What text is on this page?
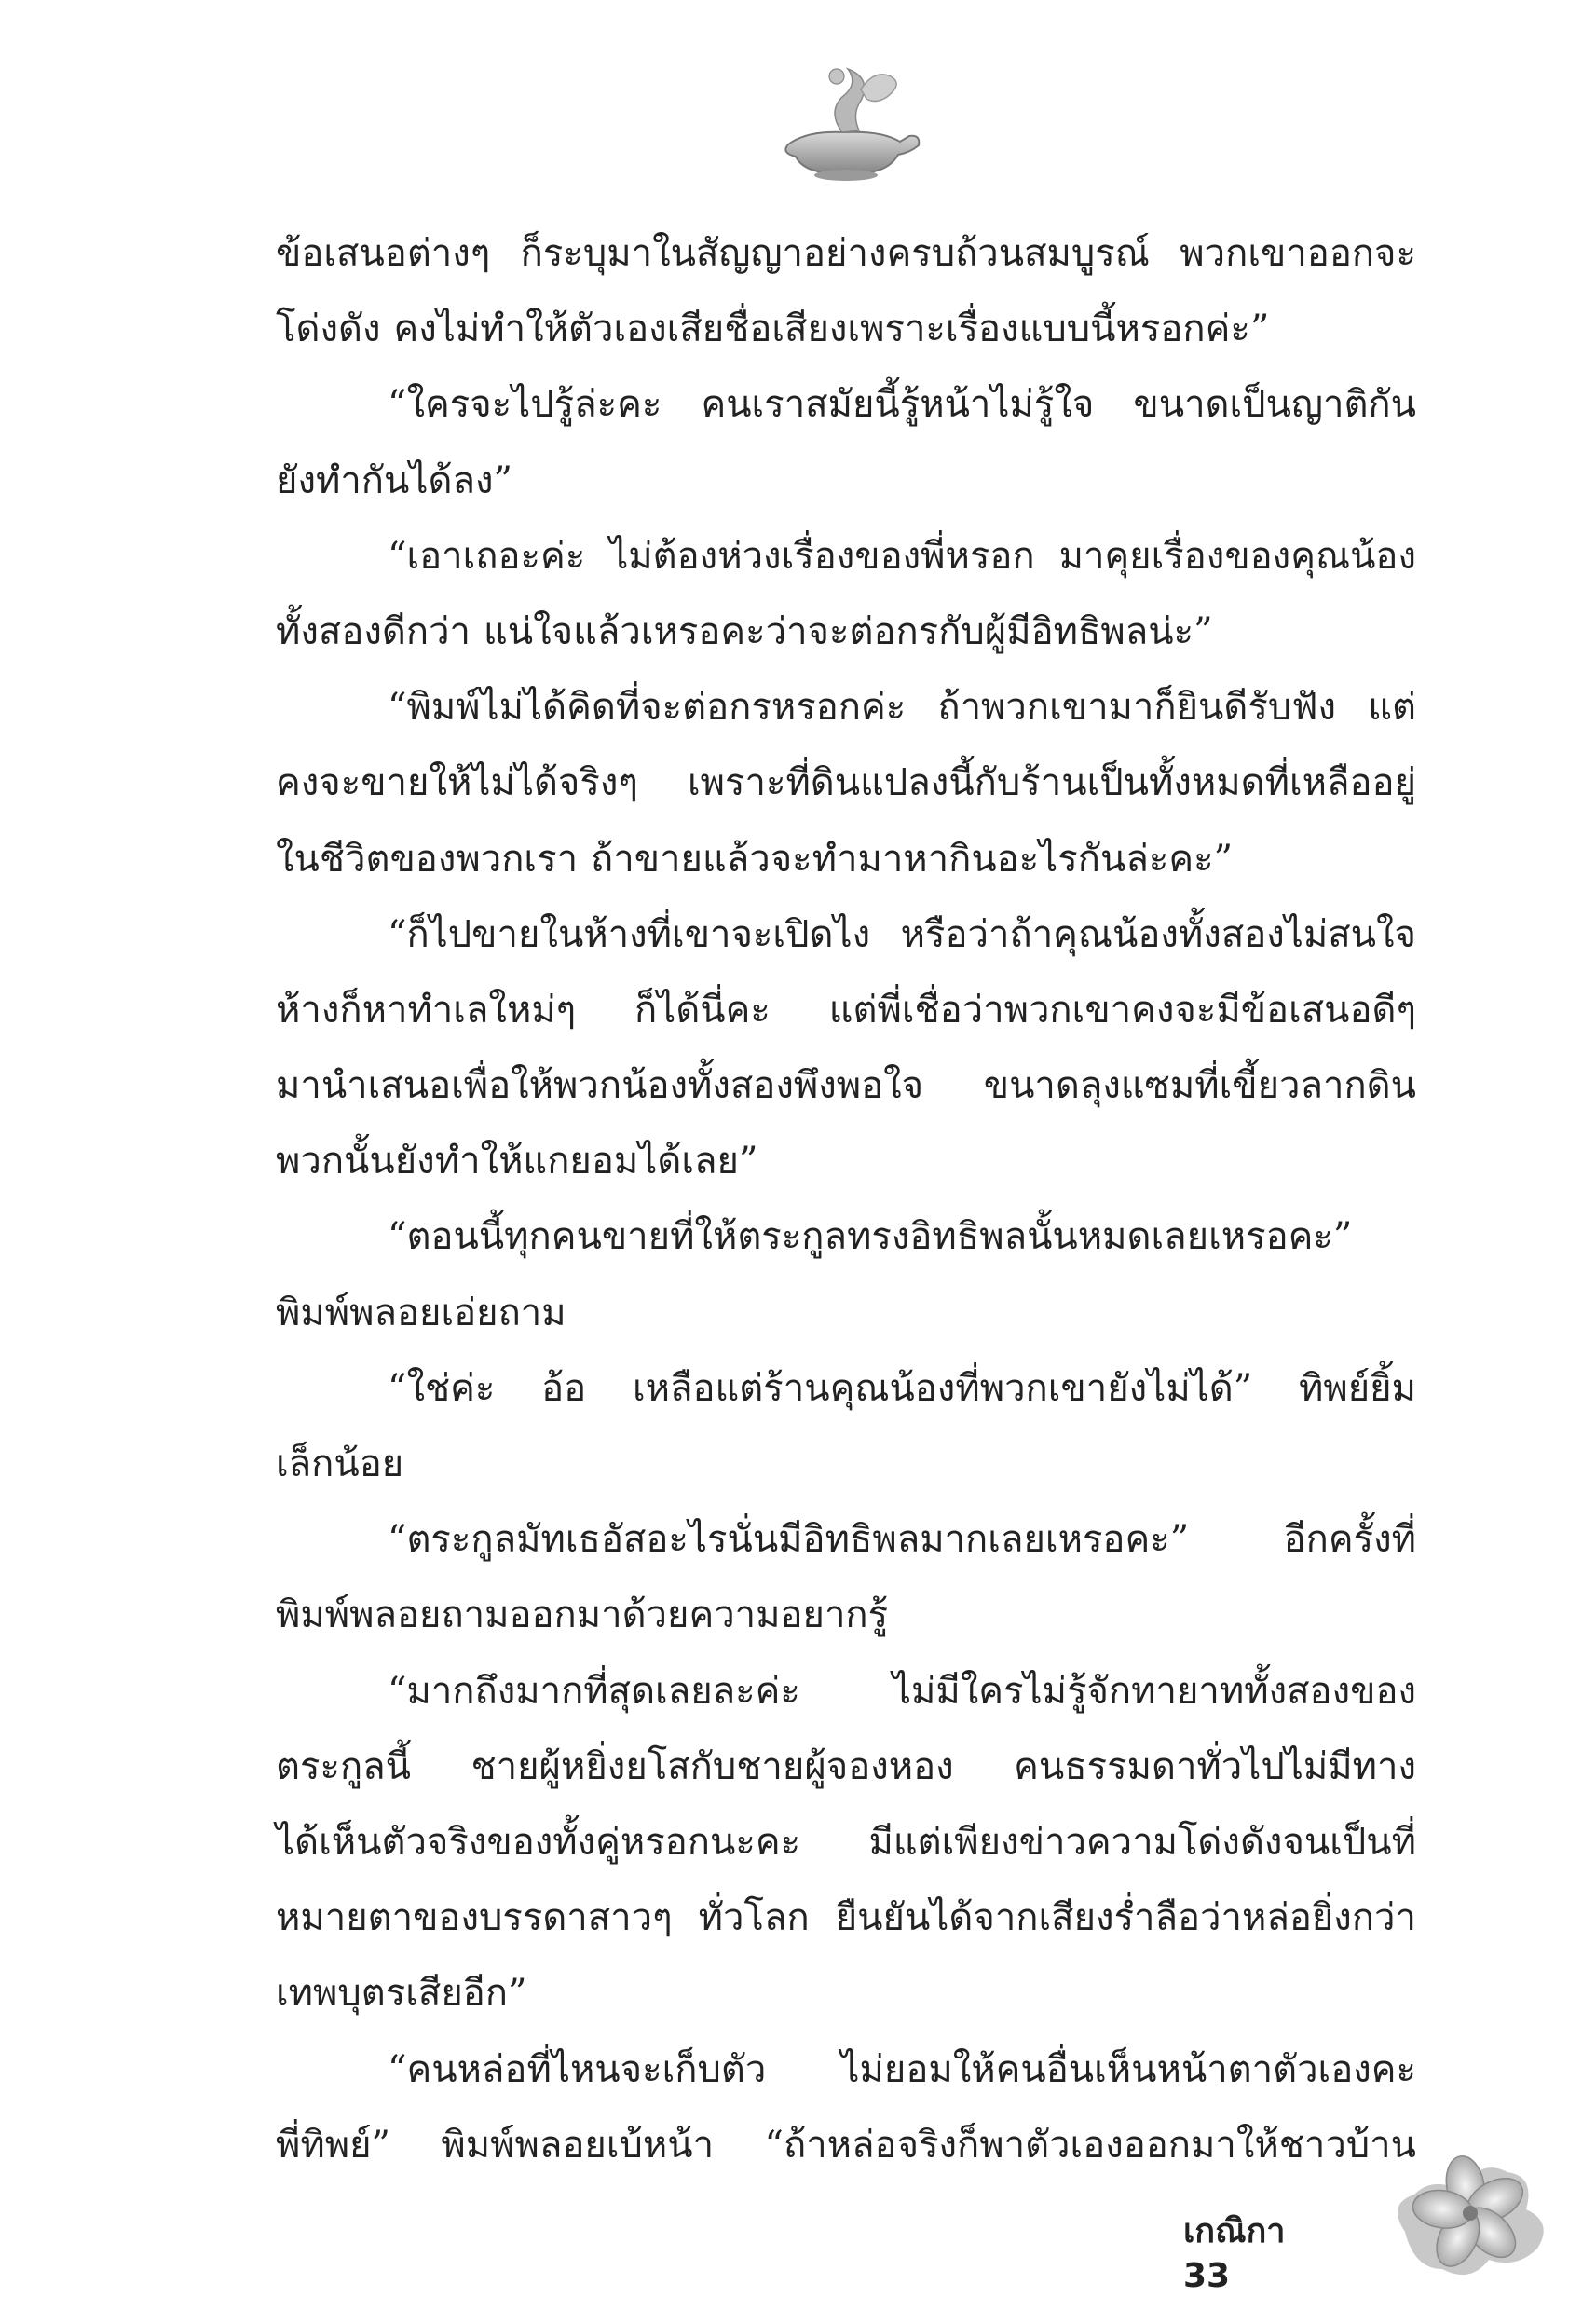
ข้อเสนอต่างๆ ก็ระบุมาในสัญญาอย่างครบถ้วนสมบูรณ์ พวกเขาออกจะ
โด่งดัง คงไม่ทำให้ตัวเองเสียชื่อเสียงเพราะเรื่องแบบนี้หรอกค่ะ”
“ใครจะไปรู้ล่ะคะ คนเราสมัยนี้รู้หน้าไม่รู้ใจ ขนาดเป็นญาติกัน
ยังทำกันได้ลง”
“เอาเถอะค่ะ ไม่ต้องห่วงเรื่องของพี่หรอก มาคุยเรื่องของคุณน้อง
ทั้งสองดีกว่า แน่ใจแล้วเหรอคะว่าจะต่อกรกับผู้มีอิทธิพลน่ะ”
“พิมพ์ไม่ได้คิดที่จะต่อกรหรอกค่ะ ถ้าพวกเขามาก็ยินดีรับฟัง แต่
คงจะขายให้ไม่ได้จริงๆ เพราะที่ดินแปลงนี้กับร้านเป็นทั้งหมดที่เหลืออยู่
ในชีวิตของพวกเรา ถ้าขายแล้วจะทำมาหากินอะไรกันล่ะคะ”
“ก็ไปขายในห้างที่เขาจะเปิดไง หรือว่าถ้าคุณน้องทั้งสองไม่สนใจ
ห้างก็หาทำเลใหม่ๆ ก็ได้นี่คะ แต่พี่เชื่อว่าพวกเขาคงจะมีข้อเสนอดีๆ
มานำเสนอเพื่อให้พวกน้องทั้งสองพึงพอใจ ขนาดลุงแซมที่เขี้ยวลากดิน
พวกนั้นยังทำให้แกยอมได้เลย”
“ตอนนี้ทุกคนขายที่ให้ตระกูลทรงอิทธิพลนั้นหมดเลยเหรอคะ”
พิมพ์พลอยเอ่ยถาม
“ใช่ค่ะ อ้อ เหลือแต่ร้านคุณน้องที่พวกเขายังไม่ได้” ทิพย์ยิ้ม
เล็กน้อย
“ตระกูลมัทเธอัสอะไรนั่นมีอิทธิพลมากเลยเหรอคะ”	อีกครั้งที่
พิมพ์พลอยถามออกมาด้วยความอยากรู้
“มากถึงมากที่สุดเลยละค่ะ ไม่มีใครไม่รู้จักทายาททั้งสองของ
ตระกูลนี้ ชายผู้หยิ่งยโสกับชายผู้จองหอง คนธรรมดาทั่วไปไม่มีทาง
ได้เห็นตัวจริงของทั้งคู่หรอกนะคะ มีแต่เพียงข่าวความโด่งดังจนเป็นที่
หมายตาของบรรดาสาวๆ ทั่วโลก ยืนยันได้จากเสียงร่ำลือว่าหล่อยิ่งกว่า
เทพบุตรเสียอีก”
“คนหล่อที่ไหนจะเก็บตัว ไม่ยอมให้คนอื่นเห็นหน้าตาตัวเองคะ
พี่ทิพย์” พิมพ์พลอยเบ้หน้า “ถ้าหล่อจริงก็พาตัวเองออกมาให้ชาวบ้าน
เกณิกา 33
